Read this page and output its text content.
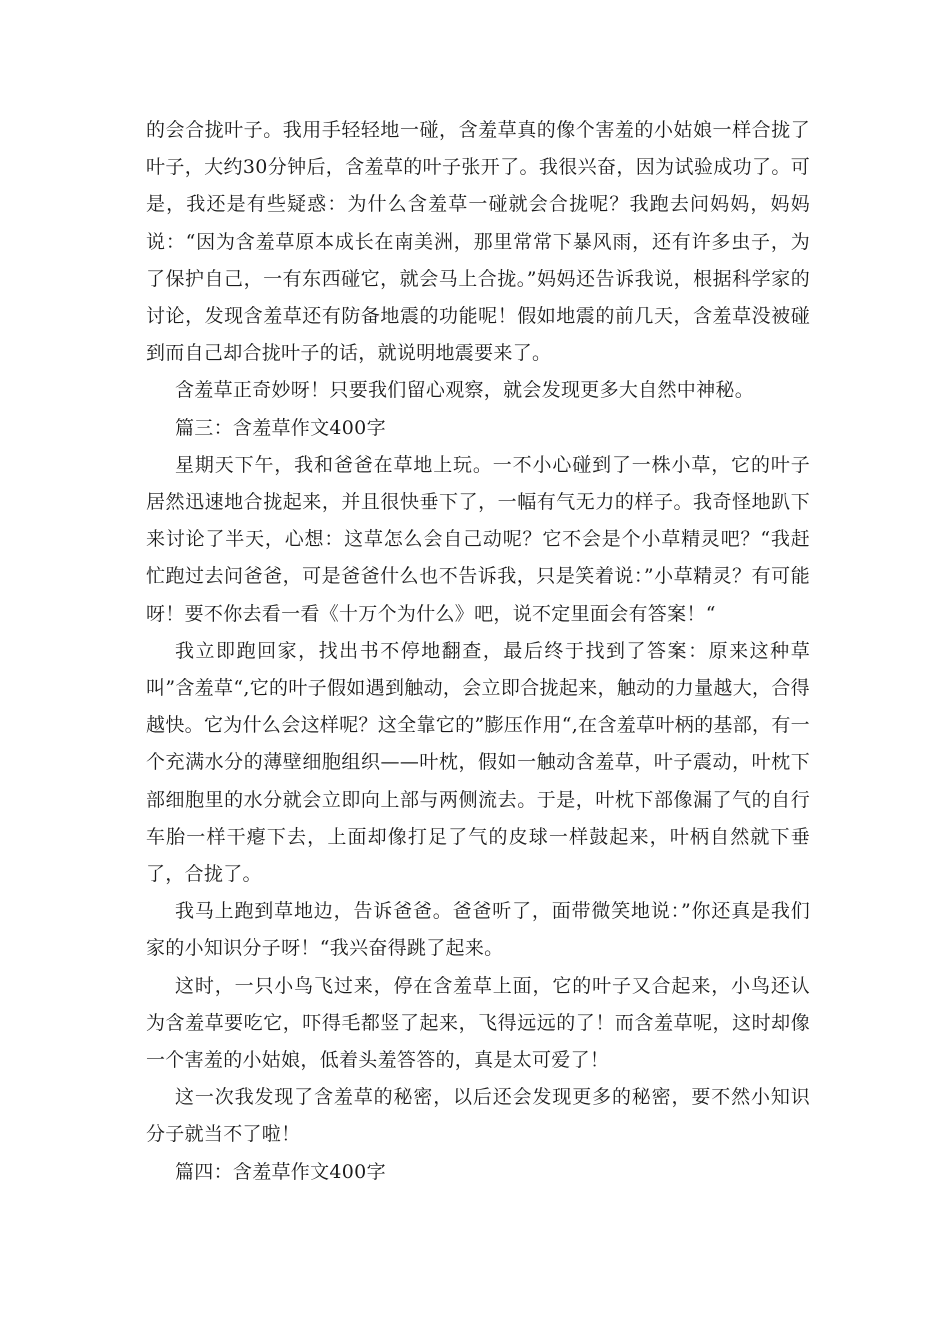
的会合拢叶子。我用手轻轻地一碰，含羞草真的像个害羞的小姑娘一样合拢了叶子，大约30分钟后，含羞草的叶子张开了。我很兴奋，因为试验成功了。可是，我还是有些疑惑：为什么含羞草一碰就会合拢呢？我跑去问妈妈，妈妈说：“因为含羞草原本成长在南美洲，那里常常下暴风雨，还有许多虫子，为了保护自己，一有东西碰它，就会马上合拢。”妈妈还告诉我说，根据科学家的讨论，发现含羞草还有防备地震的功能呢！假如地震的前几天，含羞草没被碰到而自己却合拢叶子的话，就说明地震要来了。

含羞草正奇妙呀！只要我们留心观察，就会发现更多大自然中神秘。

篇三：含羞草作文400字

星期天下午，我和爸爸在草地上玩。一不小心碰到了一株小草，它的叶子居然迅速地合拢起来，并且很快垂下了，一幅有气无力的样子。我奇怪地趴下来讨论了半天，心想：这草怎么会自己动呢？它不会是个小草精灵吧？“我赶忙跑过去问爸爸，可是爸爸什么也不告诉我，只是笑着说：”小草精灵？有可能呀！要不你去看一看《十万个为什么》吧，说不定里面会有答案！“

我立即跑回家，找出书不停地翻查，最后终于找到了答案：原来这种草叫”含羞草“,它的叶子假如遇到触动，会立即合拢起来，触动的力量越大，合得越快。它为什么会这样呢？这全靠它的”膨压作用“,在含羞草叶柄的基部，有一个充满水分的薄壁细胞组织——叶枕，假如一触动含羞草，叶子震动，叶枕下部细胞里的水分就会立即向上部与两侧流去。于是，叶枕下部像漏了气的自行车胎一样干瘪下去，上面却像打足了气的皮球一样鼓起来，叶柄自然就下垂了，合拢了。

我马上跑到草地边，告诉爸爸。爸爸听了，面带微笑地说：”你还真是我们家的小知识分子呀！“我兴奋得跳了起来。

这时，一只小鸟飞过来，停在含羞草上面，它的叶子又合起来，小鸟还认为含羞草要吃它，吓得毛都竖了起来，飞得远远的了！而含羞草呢，这时却像一个害羞的小姑娘，低着头羞答答的，真是太可爱了！

这一次我发现了含羞草的秘密，以后还会发现更多的秘密，要不然小知识分子就当不了啦！

篇四：含羞草作文400字
